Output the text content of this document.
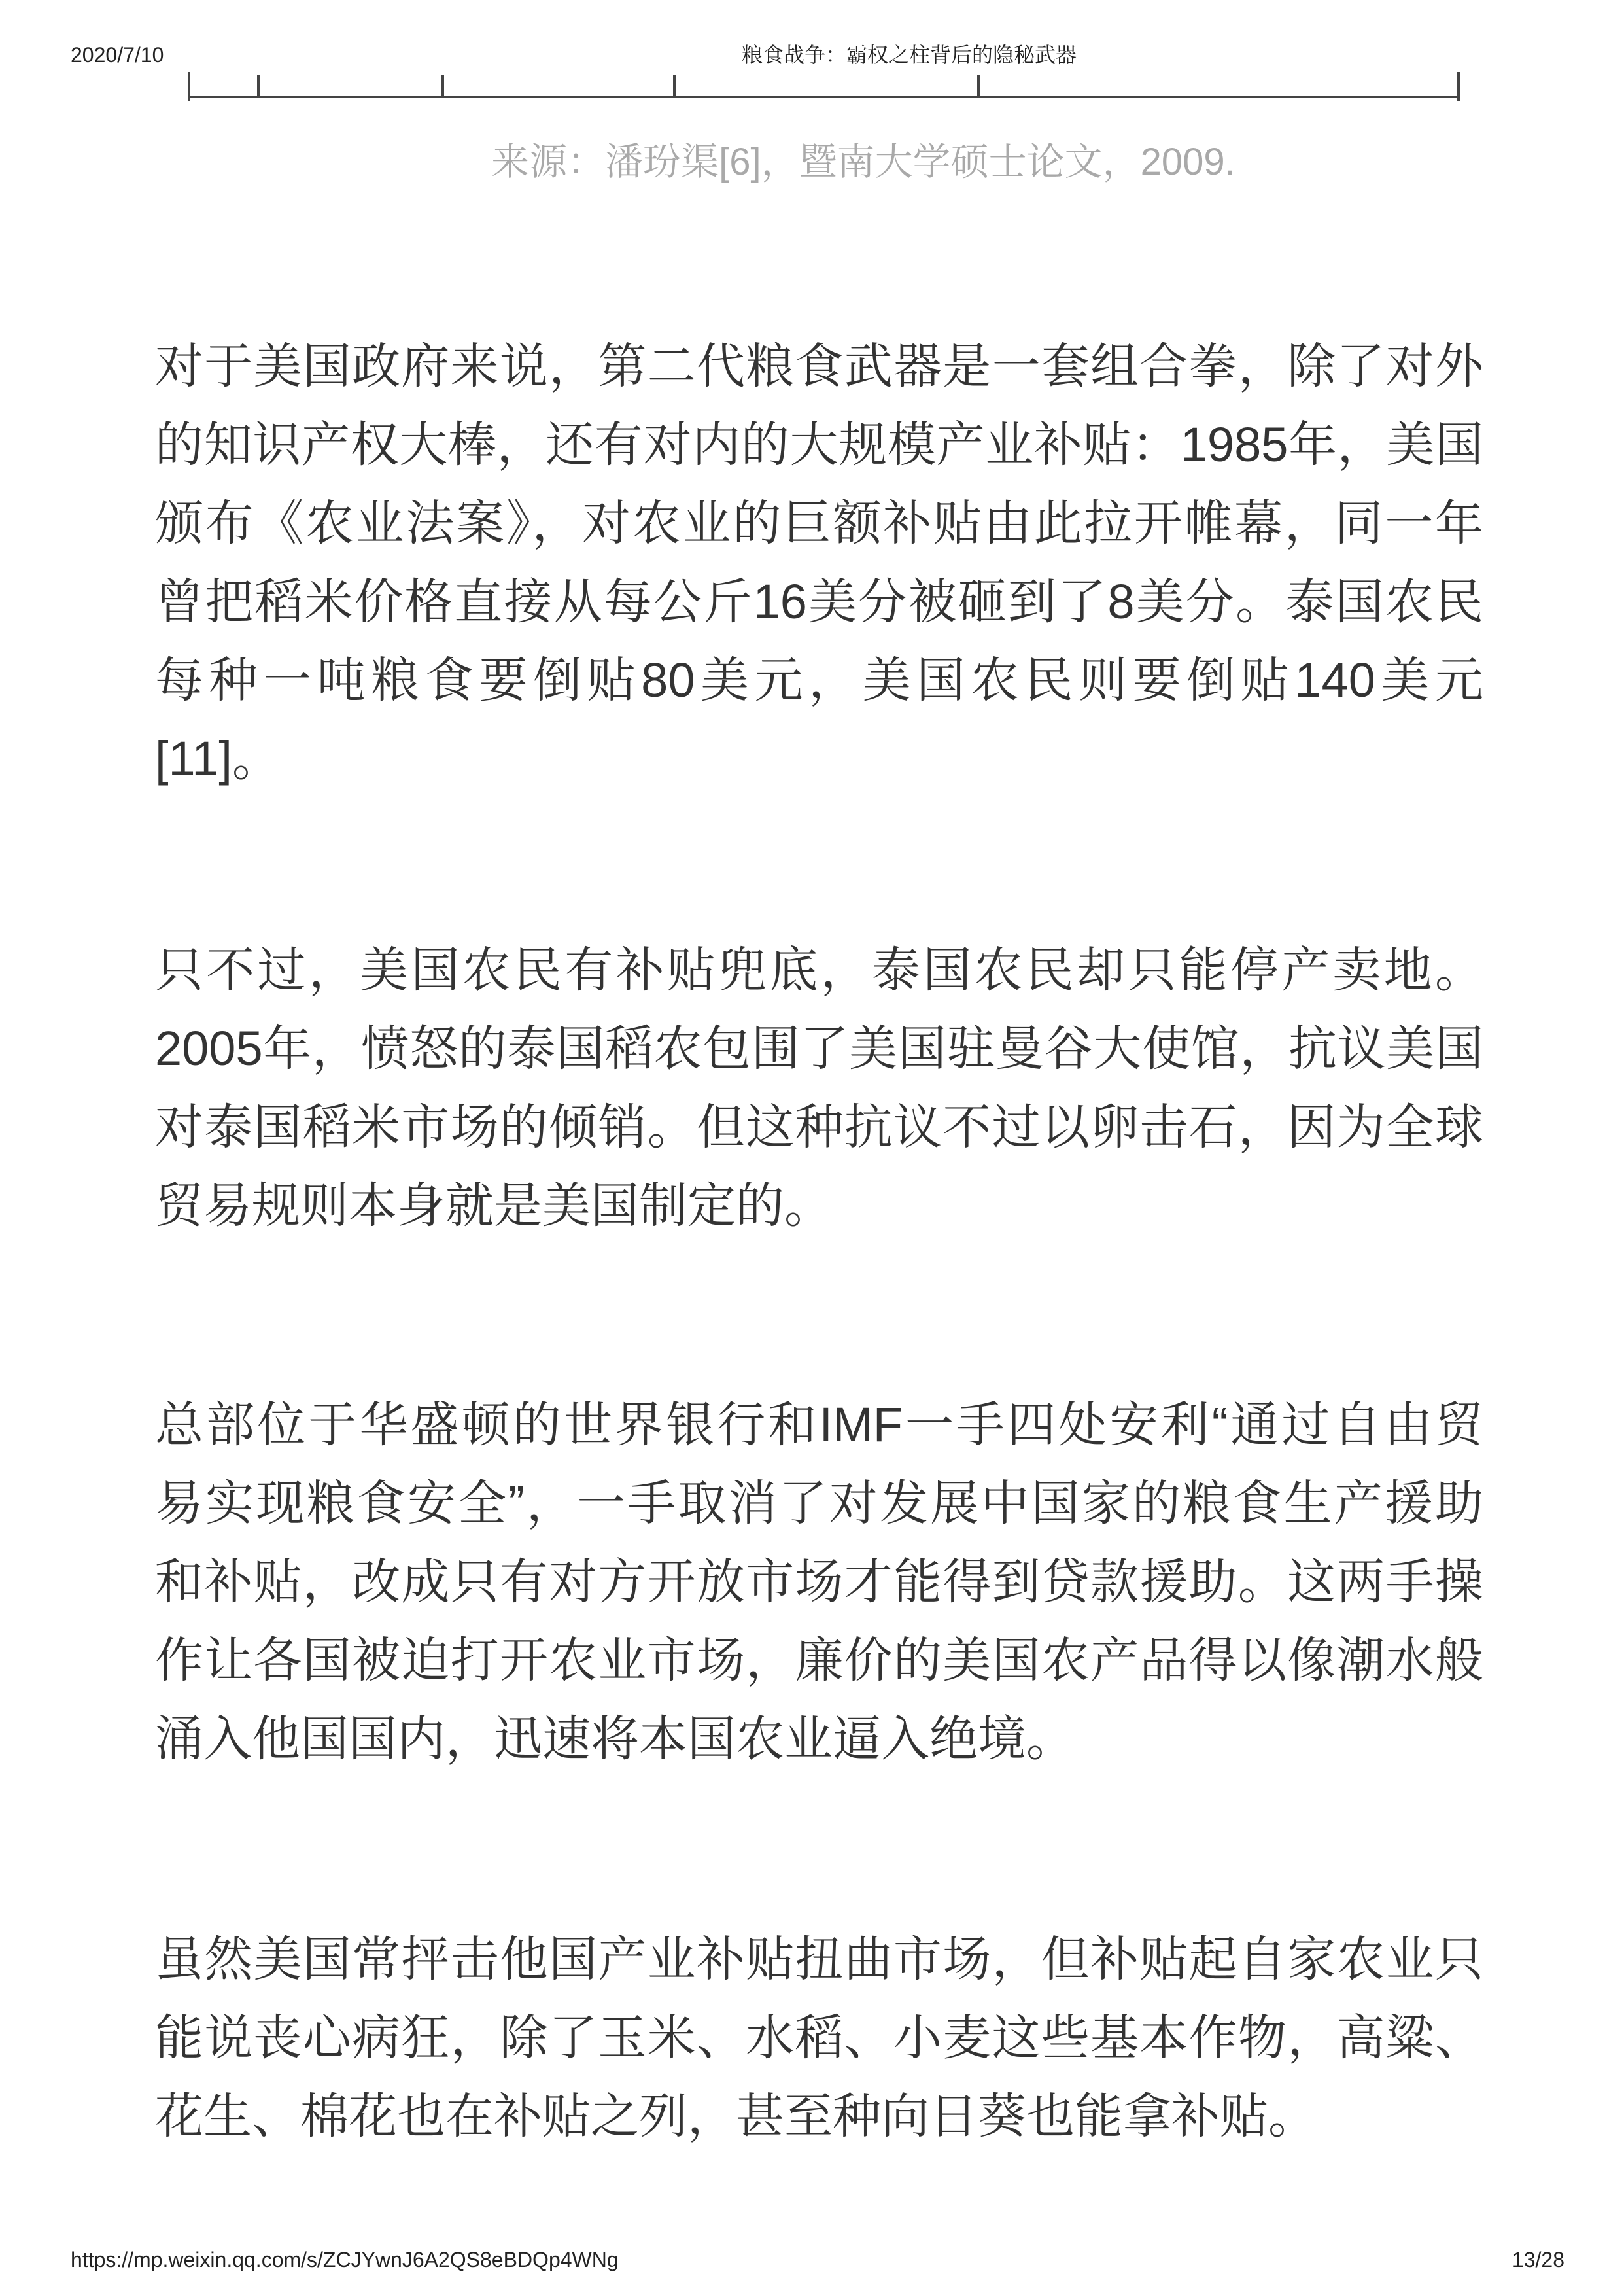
2020/7/10	粮食战争：霸权之柱背后的隐秘武器
来源：潘玢渠[6]，暨南大学硕士论文，2009.
对于美国政府来说，第二代粮食武器是一套组合拳，除了对外
的知识产权大棒，还有对内的大规模产业补贴：1985年，美国
颁布《农业法案》，对农业的巨额补贴由此拉开帷幕，同一年
曾把稻米价格直接从每公斤16美分被砸到了8美分。泰国农民
每种一吨粮食要倒贴80美元，美国农民则要倒贴140美元
[11]。
只不过，美国农民有补贴兜底，泰国农民却只能停产卖地。
2005年，愤怒的泰国稻农包围了美国驻曼谷大使馆，抗议美国
对泰国稻米市场的倾销。但这种抗议不过以卵击石，因为全球
贸易规则本身就是美国制定的。
总部位于华盛顿的世界银行和IMF一手四处安利“通过自由贸
易实现粮食安全”，一手取消了对发展中国家的粮食生产援助
和补贴，改成只有对方开放市场才能得到贷款援助。这两手操
作让各国被迫打开农业市场，廉价的美国农产品得以像潮水般
涌入他国国内，迅速将本国农业逼入绝境。
虽然美国常抨击他国产业补贴扭曲市场，但补贴起自家农业只
能说丧心病狂，除了玉米、水稻、小麦这些基本作物，高粱、
花生、棉花也在补贴之列，甚至种向日葵也能拿补贴。
https://mp.weixin.qq.com/s/ZCJYwnJ6A2QS8eBDQp4WNg	13/28
